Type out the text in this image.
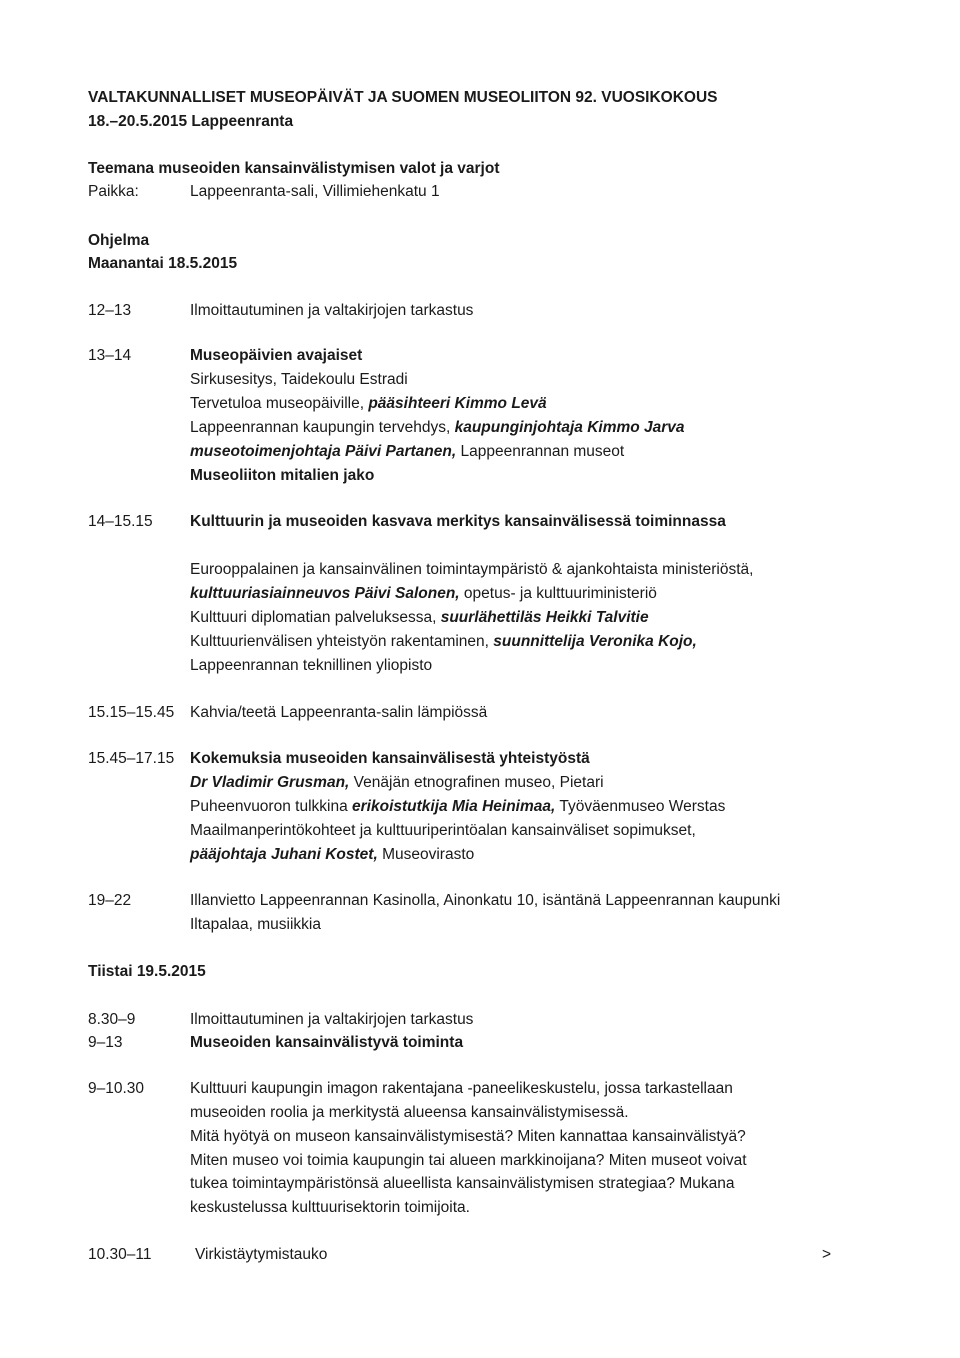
VALTAKUNNALLISET MUSEOPÄIVÄT JA SUOMEN MUSEOLIITON 92. VUOSIKOKOUS
18.–20.5.2015 Lappeenranta
Teemana museoiden kansainvälistymisen valot ja varjot
Paikka:	Lappeenranta-sali, Villimiehenkatu 1
Ohjelma
Maanantai 18.5.2015
12–13	Ilmoittautuminen ja valtakirjojen tarkastus
13–14	Museopäivien avajaiset
Sirkusesitys, Taidekoulu Estradi
Tervetuloa museopäiville, pääsihteeri Kimmo Levä
Lappeenrannan kaupungin tervehdys, kaupunginjohtaja Kimmo Jarva
museotoimenjohtaja Päivi Partanen, Lappeenrannan museot
Museoliiton mitalien jako
14–15.15 Kulttuurin ja museoiden kasvava merkitys kansainvälisessä toiminnassa
Eurooppalainen ja kansainvälinen toimintaympäristö & ajankohtaista ministeriöstä,
kulttuuriasiainneuvos Päivi Salonen, opetus- ja kulttuuriministeriö
Kulttuuri diplomatian palveluksessa, suurlähettiläs Heikki Talvitie
Kulttuurienvälisen yhteistyön rakentaminen, suunnittelija Veronika Kojo,
Lappeenrannan teknillinen yliopisto
15.15–15.45 Kahvia/teetä Lappeenranta-salin lämpiössä
15.45–17.15 Kokemuksia museoiden kansainvälisestä yhteistyöstä
Dr Vladimir Grusman, Venäjän etnografinen museo, Pietari
Puheenvuoron tulkkina erikoistutkija Mia Heinimaa, Työväenmuseo Werstas
Maailmanperintökohteet ja kulttuuriperintöalan kansainväliset sopimukset,
pääjohtaja Juhani Kostet, Museovirasto
19–22	Illanvietto Lappeenrannan Kasinolla, Ainonkatu 10, isäntänä Lappeenrannan kaupunki
Iltapalaa, musiikkia
Tiistai 19.5.2015
8.30–9	Ilmoittautuminen ja valtakirjojen tarkastus
9–13	Museoiden kansainvälistyvä toiminta
9–10.30	Kulttuuri kaupungin imagon rakentajana -paneelikeskustelu, jossa tarkastellaan
museoiden roolia ja merkitystä alueensa kansainvälistymisessä.
Mitä hyötyä on museon kansainvälistymisestä? Miten kannattaa kansainvälistyä?
Miten museo voi toimia kaupungin tai alueen markkinoijana? Miten museot voivat
tukea toimintaympäristönsä alueellista kansainvälistymisen strategiaa? Mukana
keskustelussa kulttuurisektorin toimijoita.
10.30–11	Virkistäytymistauko	>
